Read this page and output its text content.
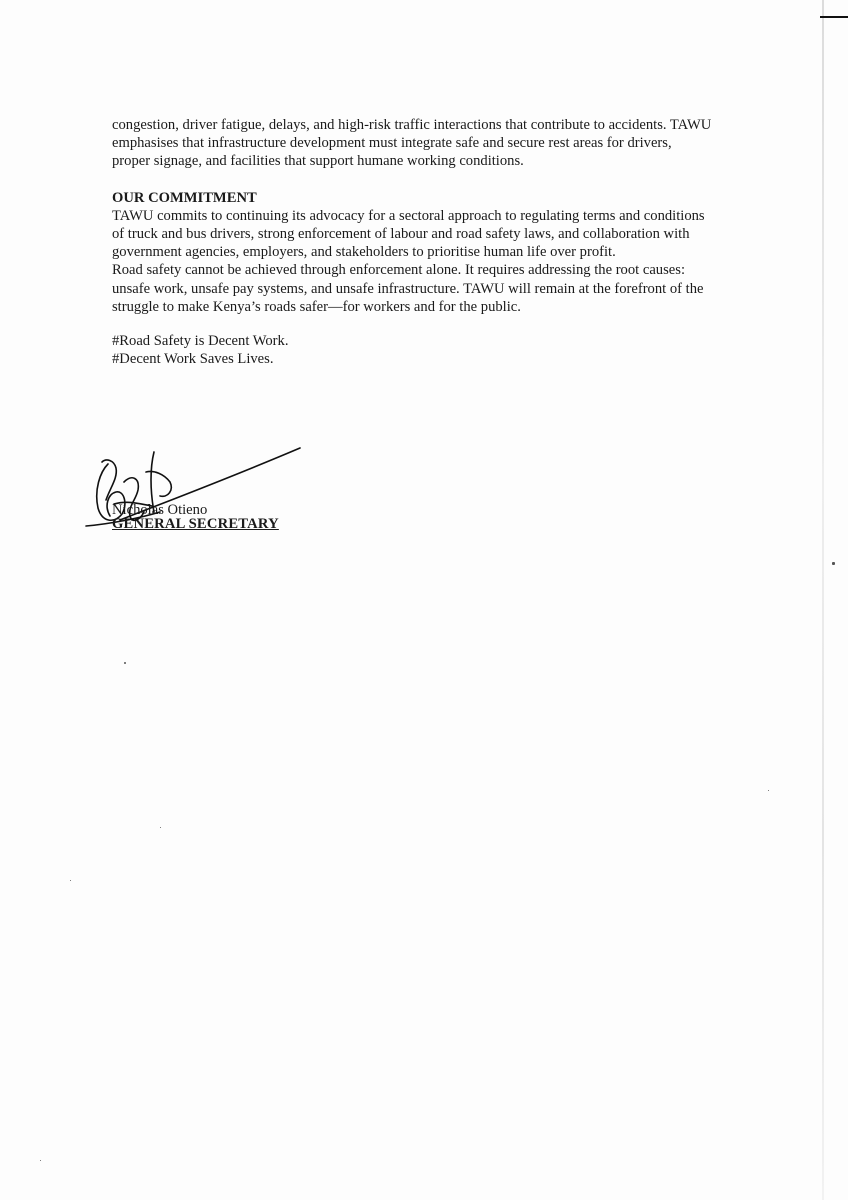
congestion, driver fatigue, delays, and high-risk traffic interactions that contribute to accidents. TAWU emphasises that infrastructure development must integrate safe and secure rest areas for drivers, proper signage, and facilities that support humane working conditions.

OUR COMMITMENT

TAWU commits to continuing its advocacy for a sectoral approach to regulating terms and conditions of truck and bus drivers, strong enforcement of labour and road safety laws, and collaboration with government agencies, employers, and stakeholders to prioritise human life over profit.

Road safety cannot be achieved through enforcement alone. It requires addressing the root causes: unsafe work, unsafe pay systems, and unsafe infrastructure. TAWU will remain at the forefront of the struggle to make Kenya’s roads safer—for workers and for the public.

#Road Safety is Decent Work.
#Decent Work Saves Lives.
Nicholas Otieno
GENERAL SECRETARY
